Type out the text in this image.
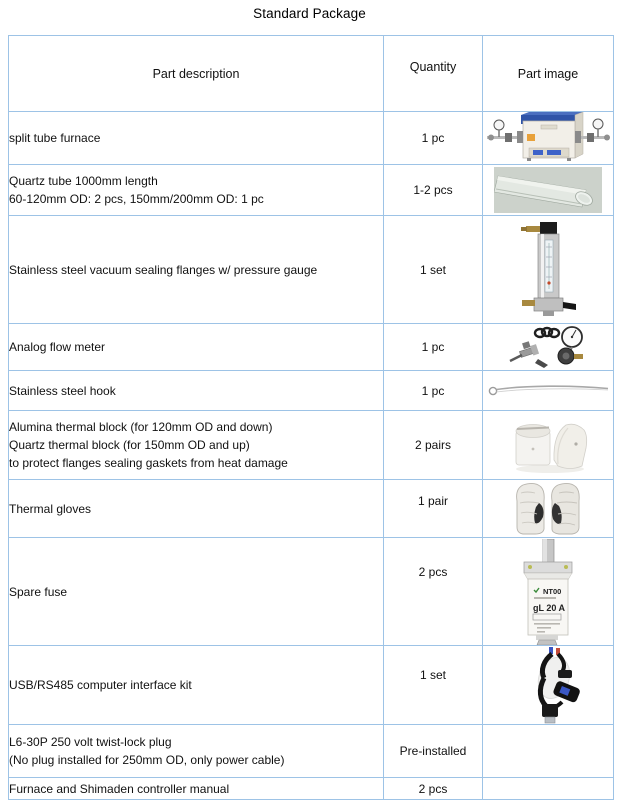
Standard Package
Part description	Quantity	Part image

split tube furnace	1 pc	

Quartz tube 1000mm length
60-120mm OD: 2 pcs, 150mm/200mm OD: 1 pc	1-2 pcs	

Stainless steel vacuum sealing flanges w/ pressure gauge	1 set	

Analog flow meter	1 pc	

Stainless steel hook	1 pc	

Alumina thermal block (for 120mm OD and down)
Quartz thermal block (for 150mm OD and up)
to protect flanges sealing gaskets from heat damage	2 pairs	

Thermal gloves	1 pair	

Spare fuse	2 pcs	NT00
gL 20 A

USB/RS485 computer interface kit	1 set	

L6-30P 250 volt twist-lock plug
(No plug installed for 250mm OD, only power cable)	Pre-installed	

Furnace and Shimaden controller manual	2 pcs	
